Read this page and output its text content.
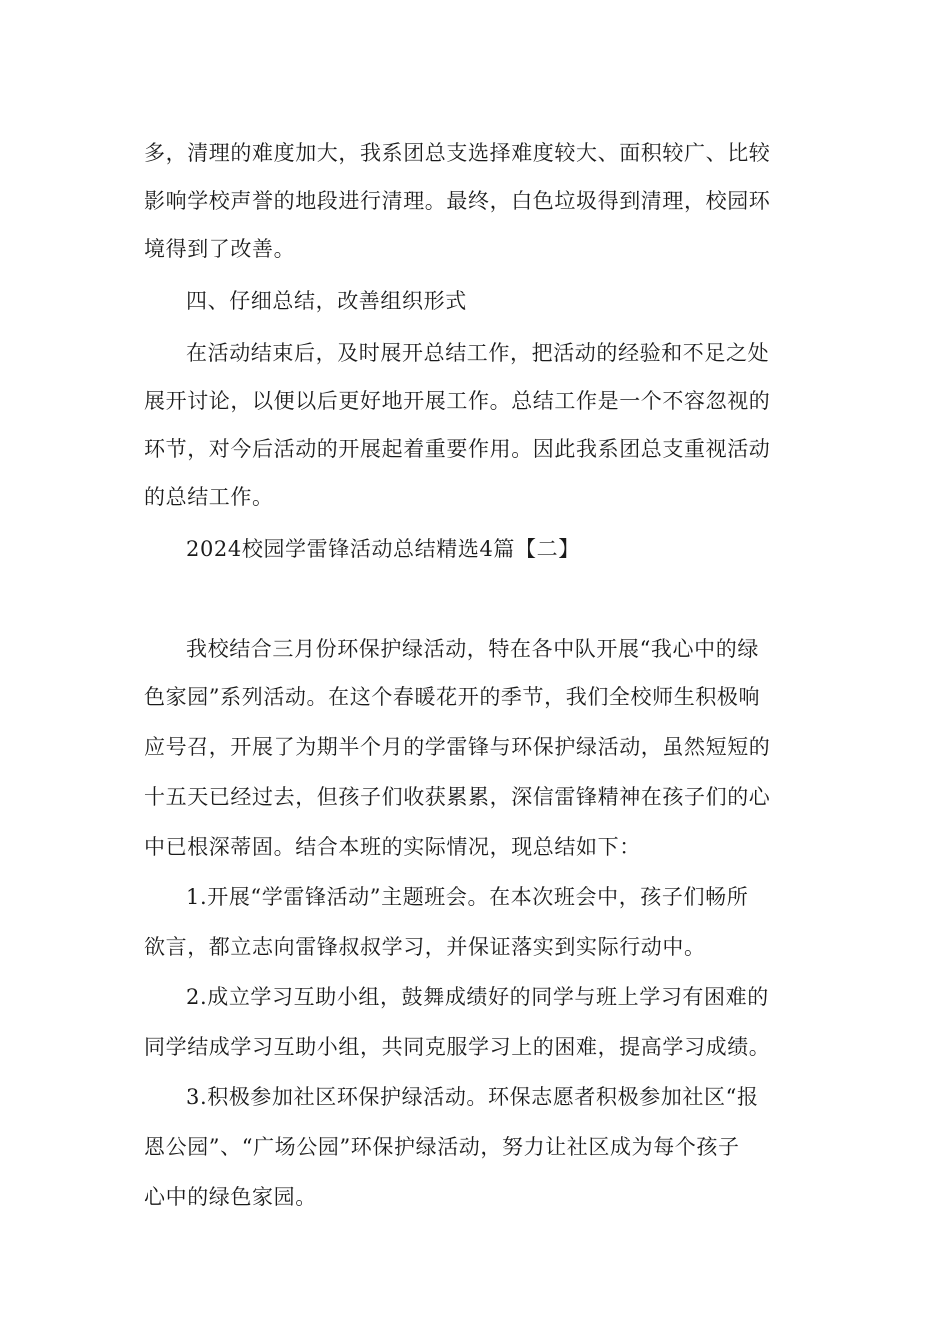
多，清理的难度加大，我系团总支选择难度较大、面积较广、比较
影响学校声誉的地段进行清理。最终，白色垃圾得到清理，校园环
境得到了改善。
四、仔细总结，改善组织形式
在活动结束后，及时展开总结工作，把活动的经验和不足之处
展开讨论，以便以后更好地开展工作。总结工作是一个不容忽视的
环节，对今后活动的开展起着重要作用。因此我系团总支重视活动
的总结工作。
2024校园学雷锋活动总结精选4篇【二】
我校结合三月份环保护绿活动，特在各中队开展“我心中的绿
色家园”系列活动。在这个春暖花开的季节，我们全校师生积极响
应号召，开展了为期半个月的学雷锋与环保护绿活动，虽然短短的
十五天已经过去，但孩子们收获累累，深信雷锋精神在孩子们的心
中已根深蒂固。结合本班的实际情况，现总结如下：
1.开展“学雷锋活动”主题班会。在本次班会中，孩子们畅所
欲言，都立志向雷锋叔叔学习，并保证落实到实际行动中。
2.成立学习互助小组，鼓舞成绩好的同学与班上学习有困难的
同学结成学习互助小组，共同克服学习上的困难，提高学习成绩。
3.积极参加社区环保护绿活动。环保志愿者积极参加社区“报
恩公园”、“广场公园”环保护绿活动，努力让社区成为每个孩子
心中的绿色家园。
